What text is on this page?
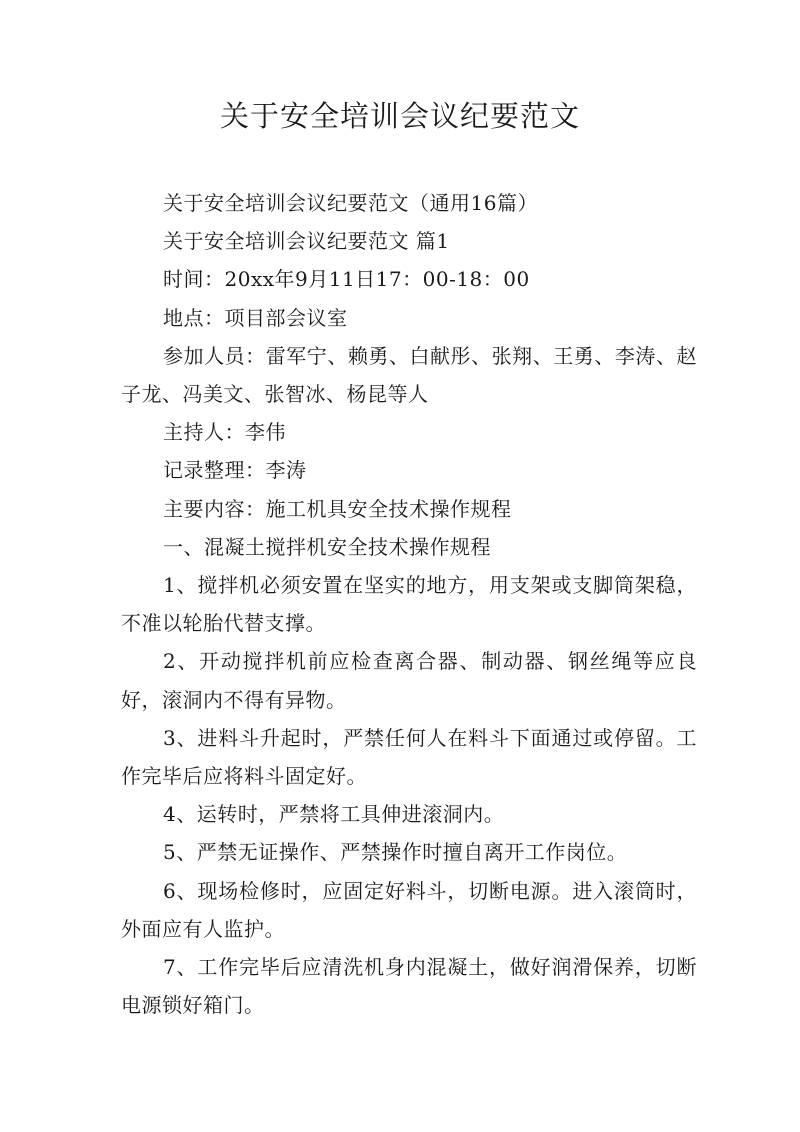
关于安全培训会议纪要范文

关于安全培训会议纪要范文（通用16篇）

关于安全培训会议纪要范文 篇1

时间：20xx年9月11日17：00-18：00

地点：项目部会议室

参加人员：雷军宁、赖勇、白献彤、张翔、王勇、李涛、赵子龙、冯美文、张智冰、杨昆等人

主持人：李伟

记录整理：李涛

主要内容：施工机具安全技术操作规程

一、混凝土搅拌机安全技术操作规程

1、搅拌机必须安置在坚实的地方，用支架或支脚筒架稳，不准以轮胎代替支撑。

2、开动搅拌机前应检查离合器、制动器、钢丝绳等应良好，滚洞内不得有异物。

3、进料斗升起时，严禁任何人在料斗下面通过或停留。工作完毕后应将料斗固定好。

4、运转时，严禁将工具伸进滚洞内。

5、严禁无证操作、严禁操作时擅自离开工作岗位。

6、现场检修时，应固定好料斗，切断电源。进入滚筒时，外面应有人监护。

7、工作完毕后应清洗机身内混凝土，做好润滑保养，切断电源锁好箱门。
